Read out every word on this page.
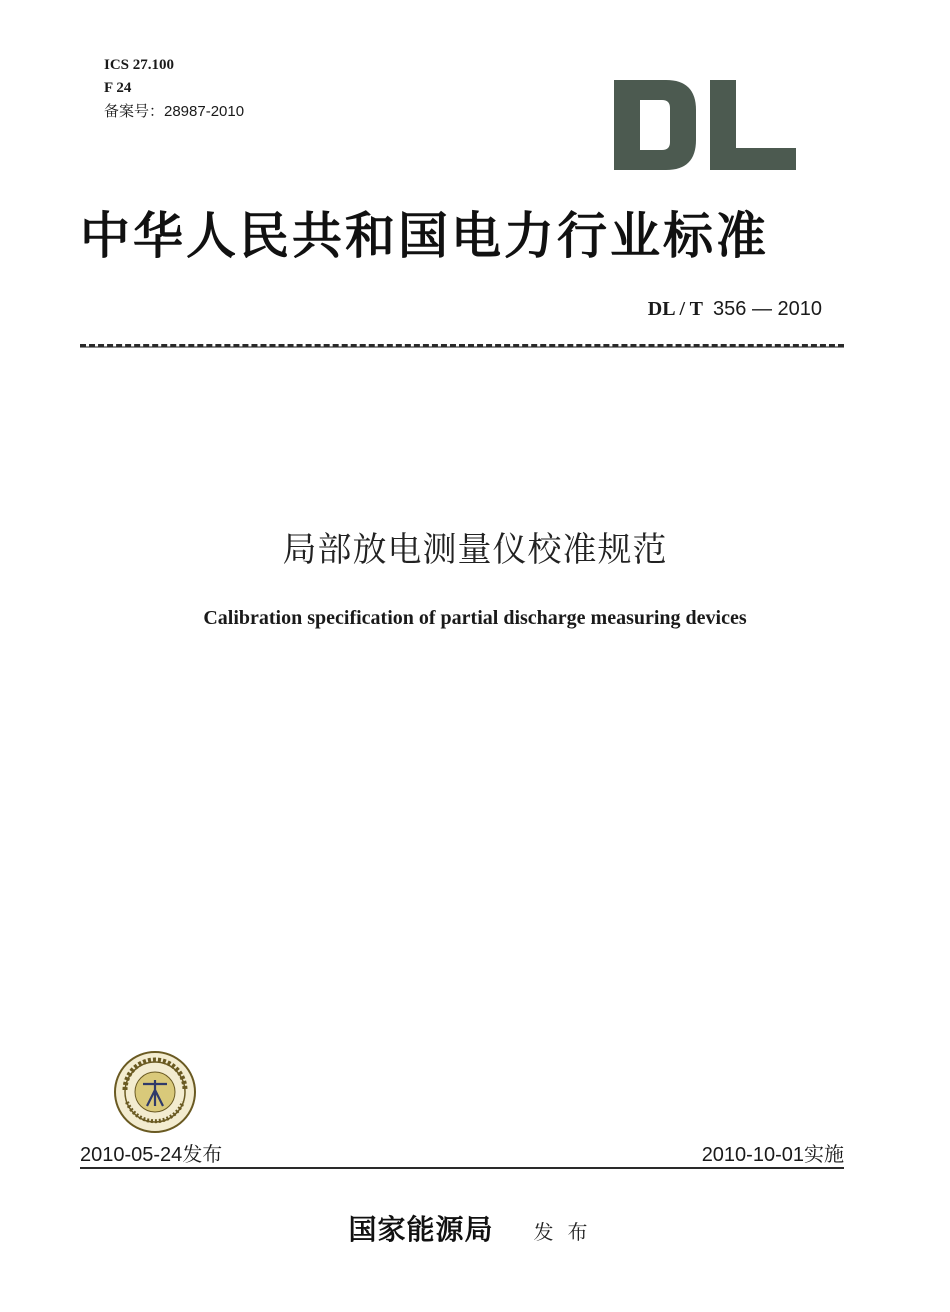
ICS 27.100
F 24
备案号：28987-2010
中华人民共和国电力行业标准
DL / T 356 — 2010
局部放电测量仪校准规范
Calibration specification of partial discharge measuring devices
2010-05-24发布	2010-10-01实施
国家能源局 发布
